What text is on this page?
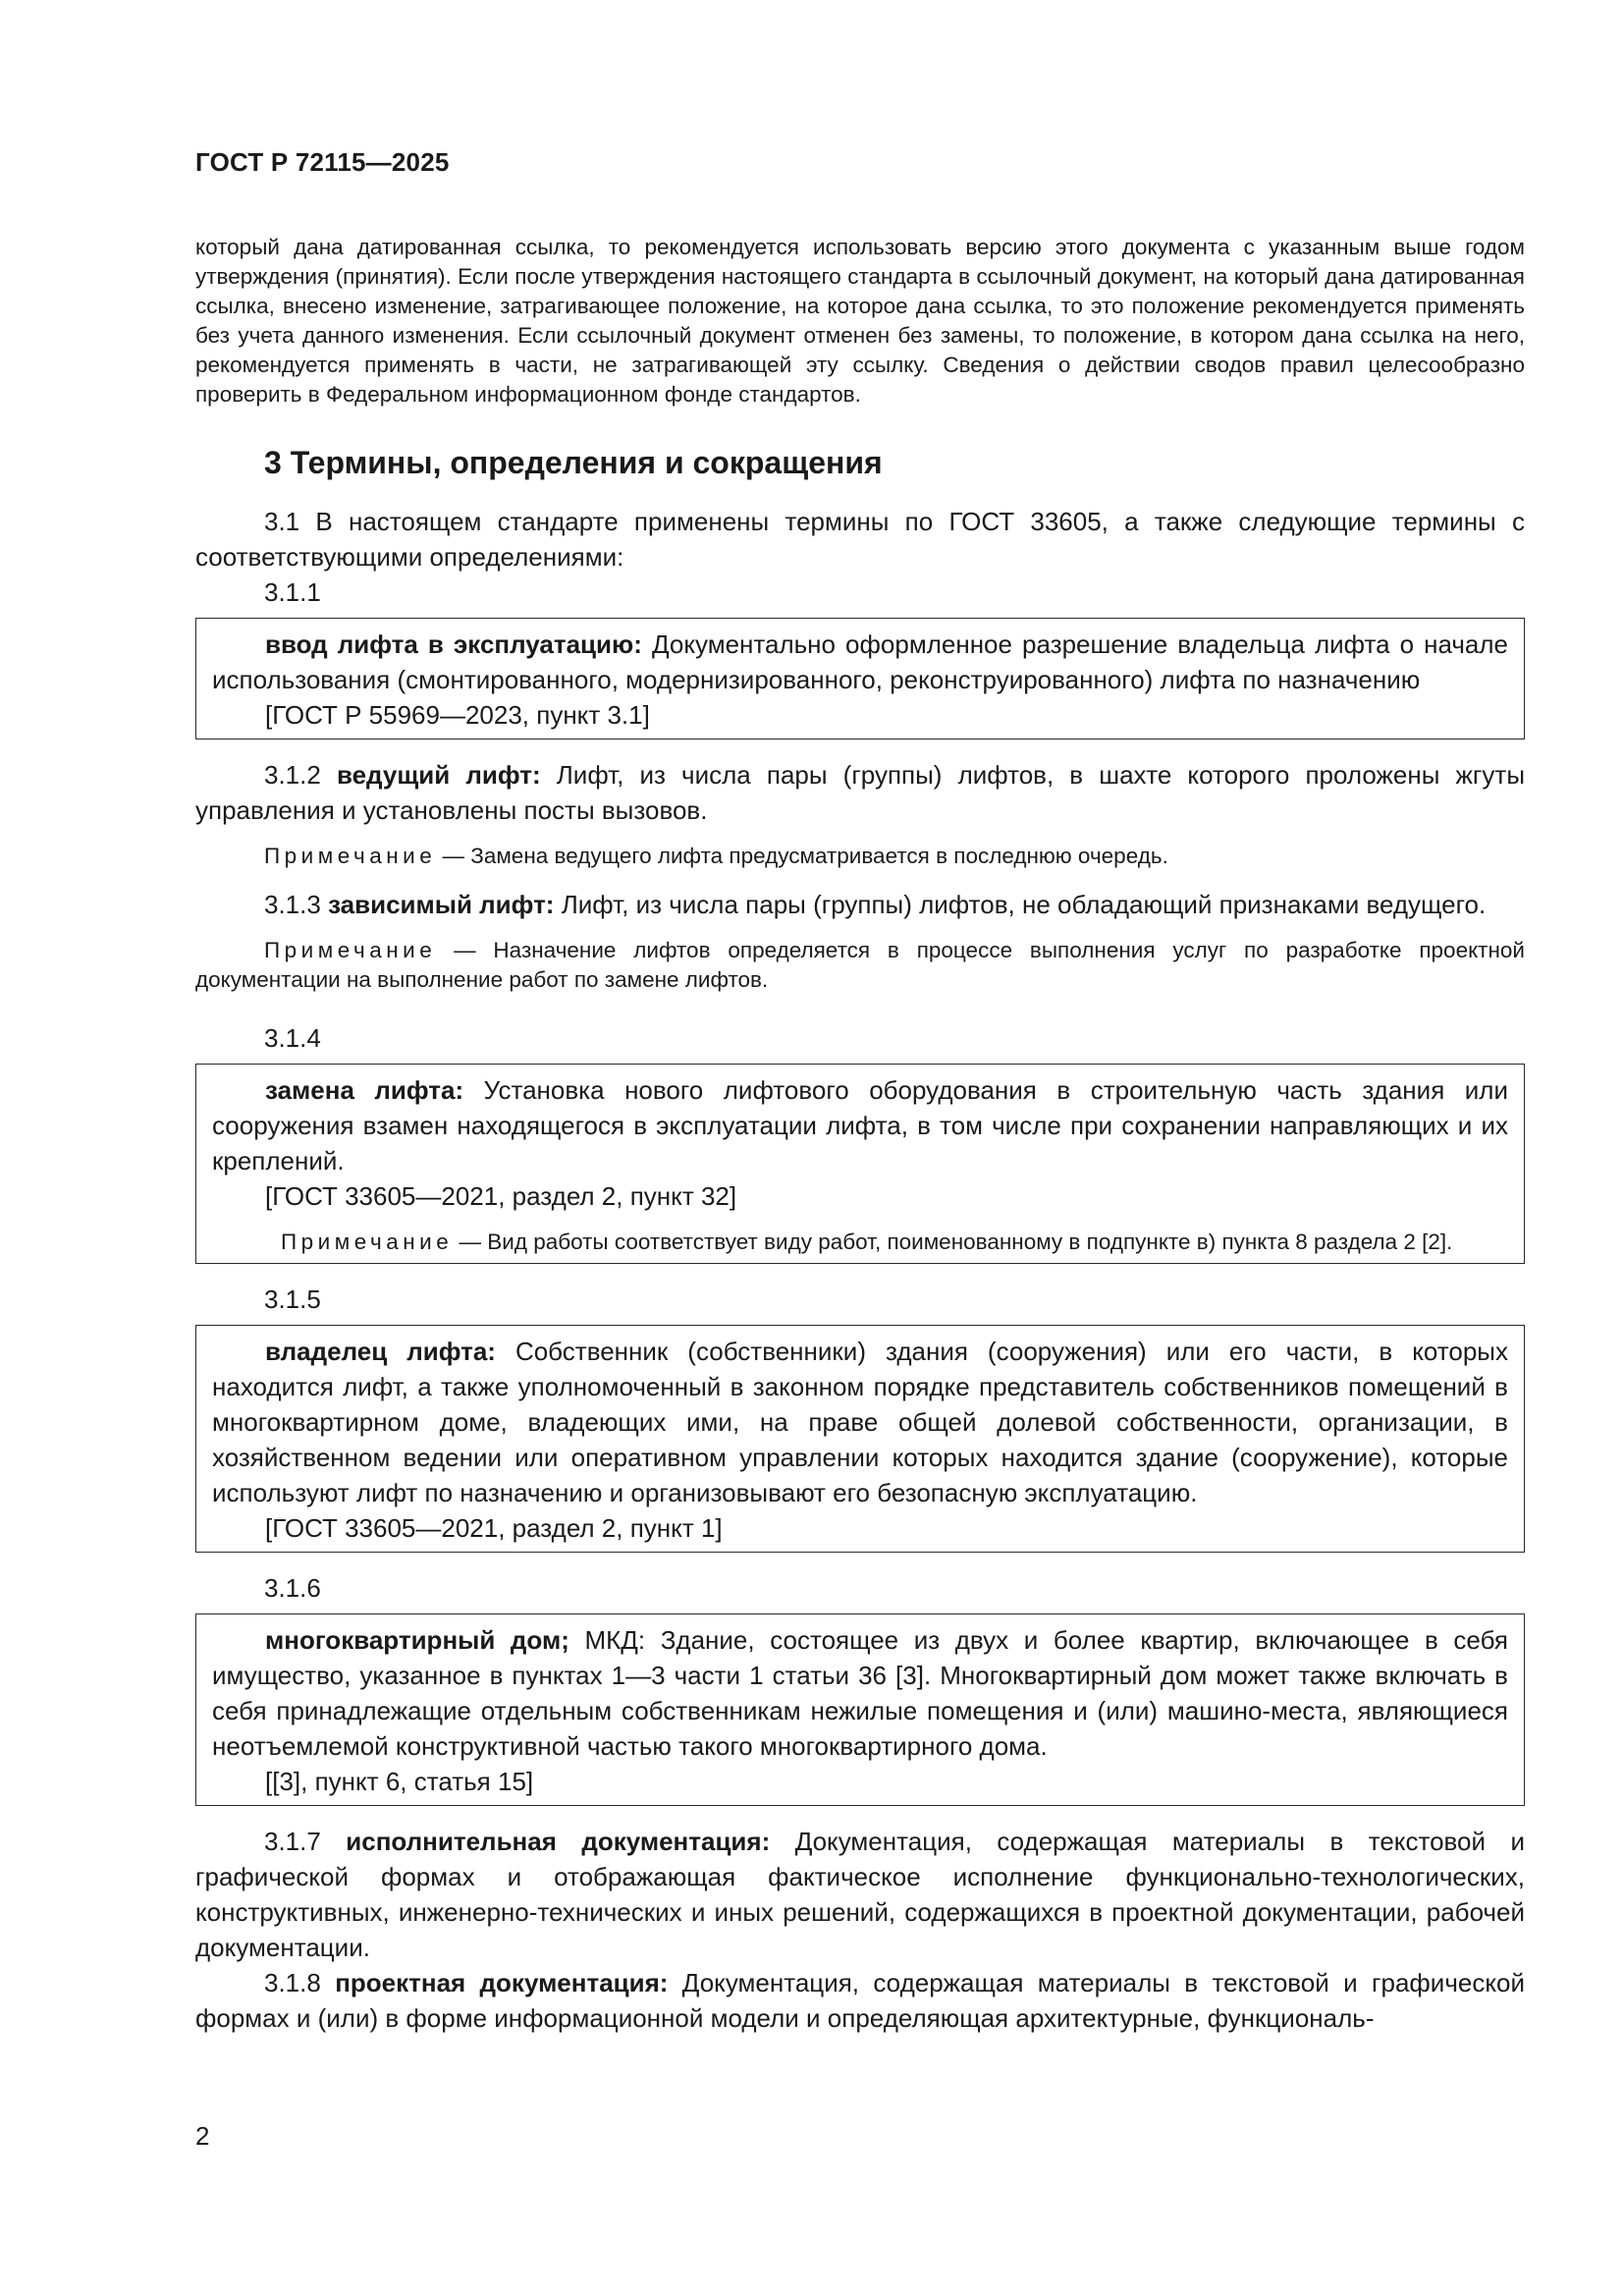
ГОСТ Р 72115—2025

который дана датированная ссылка, то рекомендуется использовать версию этого документа с указанным выше годом утверждения (принятия). Если после утверждения настоящего стандарта в ссылочный документ, на который дана датированная ссылка, внесено изменение, затрагивающее положение, на которое дана ссылка, то это положение рекомендуется применять без учета данного изменения. Если ссылочный документ отменен без замены, то положение, в котором дана ссылка на него, рекомендуется применять в части, не затрагивающей эту ссылку. Сведения о действии сводов правил целесообразно проверить в Федеральном информационном фонде стандартов.

3 Термины, определения и сокращения

3.1 В настоящем стандарте применены термины по ГОСТ 33605, а также следующие термины с соответствующими определениями:

3.1.1

ввод лифта в эксплуатацию: Документально оформленное разрешение владельца лифта о начале использования (смонтированного, модернизированного, реконструированного) лифта по назначению

[ГОСТ Р 55969—2023, пункт 3.1]

3.1.2 ведущий лифт: Лифт, из числа пары (группы) лифтов, в шахте которого проложены жгуты управления и установлены посты вызовов.

Примечание — Замена ведущего лифта предусматривается в последнюю очередь.

3.1.3 зависимый лифт: Лифт, из числа пары (группы) лифтов, не обладающий признаками ведущего.

Примечание — Назначение лифтов определяется в процессе выполнения услуг по разработке проектной документации на выполнение работ по замене лифтов.

3.1.4

замена лифта: Установка нового лифтового оборудования в строительную часть здания или сооружения взамен находящегося в эксплуатации лифта, в том числе при сохранении направляющих и их креплений.

[ГОСТ 33605—2021, раздел 2, пункт 32]

Примечание — Вид работы соответствует виду работ, поименованному в подпункте в) пункта 8 раздела 2 [2].

3.1.5

владелец лифта: Собственник (собственники) здания (сооружения) или его части, в которых находится лифт, а также уполномоченный в законном порядке представитель собственников помещений в многоквартирном доме, владеющих ими, на праве общей долевой собственности, организации, в хозяйственном ведении или оперативном управлении которых находится здание (сооружение), которые используют лифт по назначению и организовывают его безопасную эксплуатацию.

[ГОСТ 33605—2021, раздел 2, пункт 1]
3.1.6

многоквартирный дом; МКД: Здание, состоящее из двух и более квартир, включающее в себя имущество, указанное в пунктах 1—3 части 1 статьи 36 [3]. Многоквартирный дом может также включать в себя принадлежащие отдельным собственникам нежилые помещения и (или) машино-места, являющиеся неотъемлемой конструктивной частью такого многоквартирного дома.

[[3], пункт 6, статья 15]

3.1.7 исполнительная документация: Документация, содержащая материалы в текстовой и графической формах и отображающая фактическое исполнение функционально-технологических, конструктивных, инженерно-технических и иных решений, содержащихся в проектной документации, рабочей документации.

3.1.8 проектная документация: Документация, содержащая материалы в текстовой и графической формах и (или) в форме информационной модели и определяющая архитектурные, функциональ-

2
